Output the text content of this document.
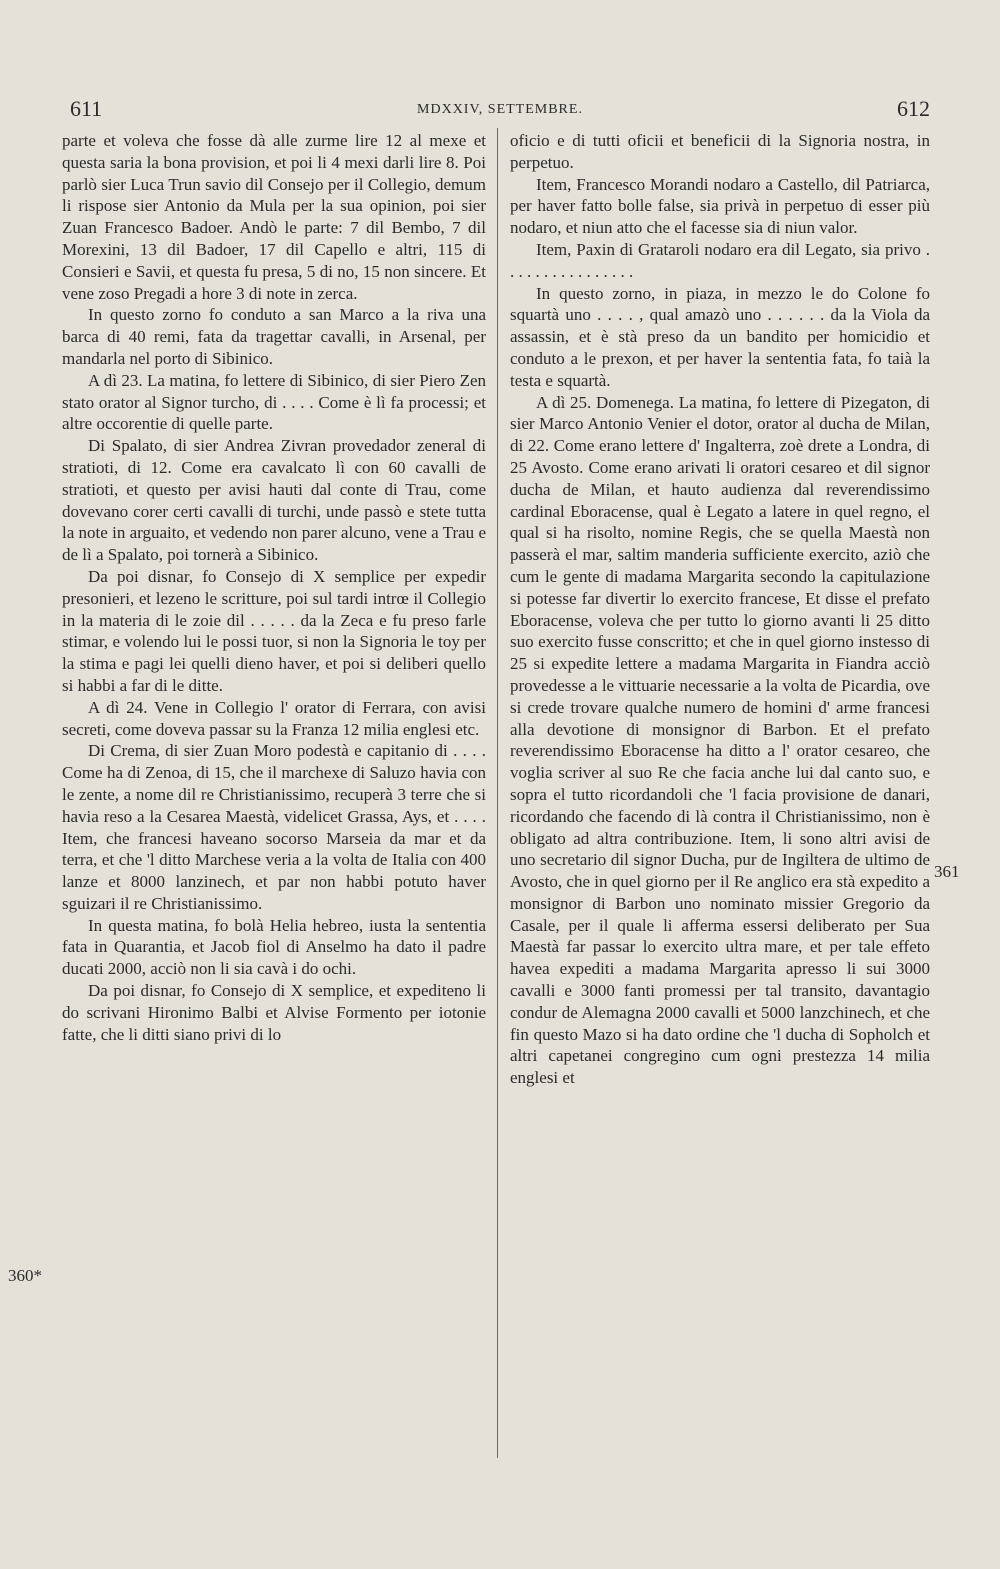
611	MDXXIV, SETTEMBRE.	612

parte et voleva che fosse dà alle zurme lire 12 al mexe et questa saria la bona provision, et poi li 4 mexi darli lire 8. Poi parlò sier Luca Trun savio dil Consejo per il Collegio, demum li rispose sier Antonio da Mula per la sua opinion, poi sier Zuan Francesco Badoer. Andò le parte: 7 dil Bembo, 7 dil Morexini, 13 dil Badoer, 17 dil Capello e altri, 115 di Consieri e Savii, et questa fu presa, 5 di no, 15 non sincere. Et vene zoso Pregadi a hore 3 di note in zerca.

In questo zorno fo conduto a san Marco a la riva una barca di 40 remi, fata da tragettar cavalli, in Arsenal, per mandarla nel porto di Sibinico.

A dì 23. La matina, fo lettere di Sibinico, di sier Piero Zen stato orator al Signor turcho, di . . . . Come è lì fa processi; et altre occorentie di quelle parte.

Di Spalato, di sier Andrea Zivran provedador zeneral di stratioti, di 12. Come era cavalcato lì con 60 cavalli de stratioti, et questo per avisi hauti dal conte di Trau, come dovevano corer certi cavalli di turchi, unde passò e stete tutta la note in arguaito, et vedendo non parer alcuno, vene a Trau e de lì a Spalato, poi tornerà a Sibinico.

Da poi disnar, fo Consejo di X semplice per expedir presonieri, et lezeno le scritture, poi sul tardi intrœ il Collegio in la materia di le zoie dil . . . . . da la Zeca e fu preso farle stimar, e volendo lui le possi tuor, si non la Signoria le toy per la stima e pagi lei quelli dieno haver, et poi si deliberi quello si habbi a far di le ditte.

A dì 24. Vene in Collegio l' orator di Ferrara, con avisi secreti, come doveva passar su la Franza 12 milia englesi etc.

Di Crema, di sier Zuan Moro podestà e capitanio di . . . . Come ha di Zenoa, di 15, che il marchexe di Saluzo havia con le zente, a nome dil re Christianissimo, recuperà 3 terre che si havia reso a la Cesarea Maestà, videlicet Grassa, Ays, et . . . . Item, che francesi haveano socorso Marseia da mar et da terra, et che 'l ditto Marchese veria a la volta de Italia con 400 lanze et 8000 lanzinech, et par non habbi potuto haver sguizari il re Christianissimo.

In questa matina, fo bolà Helia hebreo, iusta la sententia fata in Quarantia, et Jacob fiol di Anselmo ha dato il padre ducati 2000, acciò non li sia cavà i do ochi.

Da poi disnar, fo Consejo di X semplice, et expediteno li do scrivani Hironimo Balbi et Alvise Formento per iotonie fatte, che li ditti siano privi di lo

oficio e di tutti oficii et beneficii di la Signoria nostra, in perpetuo.

Item, Francesco Morandi nodaro a Castello, dil Patriarca, per haver fatto bolle false, sia privà in perpetuo di esser più nodaro, et niun atto che el facesse sia di niun valor.

Item, Paxin di Grataroli nodaro era dil Legato, sia privo . . . . . . . . . . . . . . . .

In questo zorno, in piaza, in mezzo le do Colone fo squartà uno . . . . , qual amazò uno . . . . . . da la Viola da assassin, et è stà preso da un bandito per homicidio et conduto a le prexon, et per haver la sententia fata, fo taià la testa e squartà.

A dì 25. Domenega. La matina, fo lettere di Pizegaton, di sier Marco Antonio Venier el dotor, orator al ducha de Milan, di 22. Come erano lettere d' Ingalterra, zoè drete a Londra, di 25 Avosto. Come erano arivati li oratori cesareo et dil signor ducha de Milan, et hauto audienza dal reverendissimo cardinal Eboracense, qual è Legato a latere in quel regno, el qual si ha risolto, nomine Regis, che se quella Maestà non passerà el mar, saltim manderia sufficiente exercito, aziò che cum le gente di madama Margarita secondo la capitulazione si potesse far divertir lo exercito francese, Et disse el prefato Eboracense, voleva che per tutto lo giorno avanti li 25 ditto suo exercito fusse conscritto; et che in quel giorno instesso di 25 si expedite lettere a madama Margarita in Fiandra acciò provedesse a le vittuarie necessarie a la volta de Picardia, ove si crede trovare qualche numero de homini d' arme francesi alla devotione di monsignor di Barbon. Et el prefato reverendissimo Eboracense ha ditto a l' orator cesareo, che voglia scriver al suo Re che facia anche lui dal canto suo, e sopra el tutto ricordandoli che 'l facia provisione de danari, ricordando che facendo di là contra il Christianissimo, non è obligato ad altra contribuzione. Item, li sono altri avisi de uno secretario dil signor Ducha, pur de Ingiltera de ultimo de Avosto, che in quel giorno per il Re anglico era stà expedito a monsignor di Barbon uno nominato missier Gregorio da Casale, per il quale li afferma essersi deliberato per Sua Maestà far passar lo exercito ultra mare, et per tale effeto havea expediti a madama Margarita apresso li sui 3000 cavalli e 3000 fanti promessi per tal transito, davantagio condur de Alemagna 2000 cavalli et 5000 lanzchinech, et che fin questo Mazo si ha dato ordine che 'l ducha di Sopholch et altri capetanei congregino cum ogni prestezza 14 milia englesi et

360*
361
